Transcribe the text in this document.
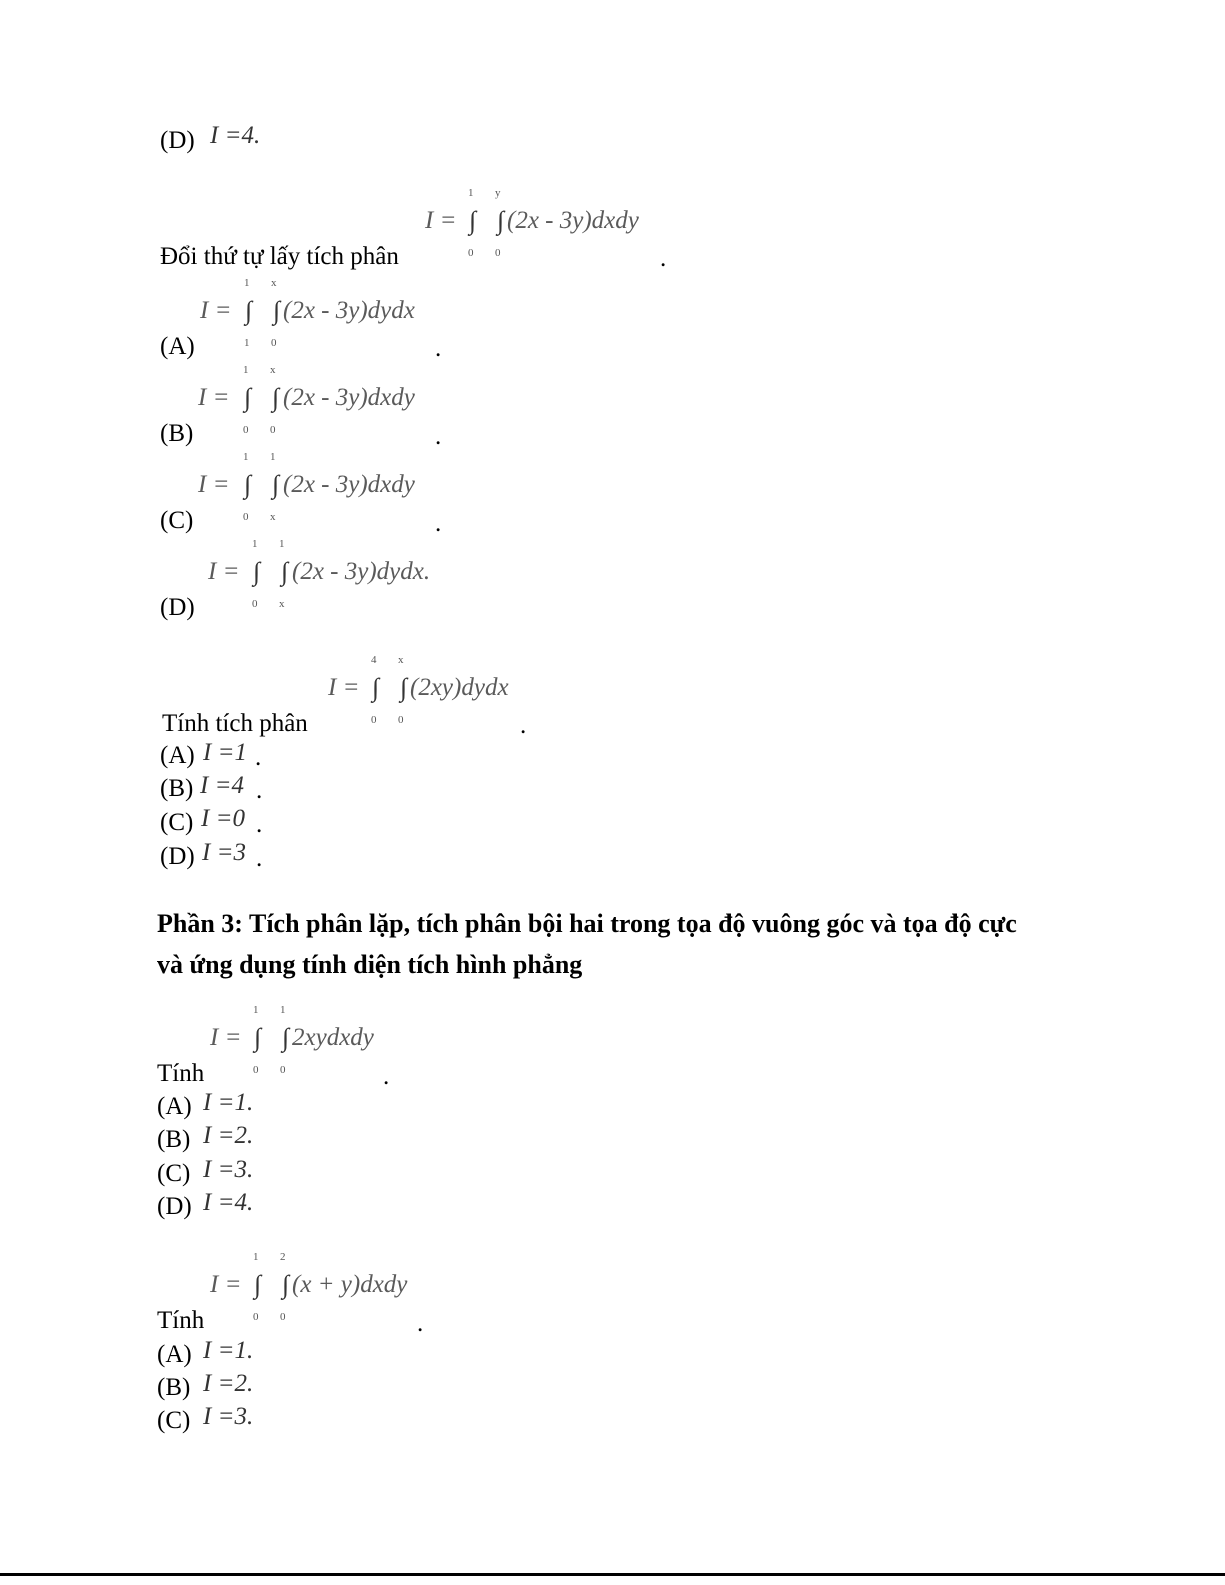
(D) I =4.
Đổi thứ tự lấy tích phân
I =
1
∫
0
y
∫
0
(2x - 3y)dxdy
.
(A)
I =
1
∫
1
x
∫
0
(2x - 3y)dydx
.
(B)
I =
1
∫
0
x
∫
0
(2x - 3y)dxdy
.
(C)
I =
1
∫
0
1
∫
x
(2x - 3y)dxdy
.
(D)
I =
1
∫
0
1
∫
x
(2x - 3y)dydx.
Tính tích phân
I =
4
∫
0
x
∫
0
(2xy)dydx
.
(A) I =1 .
(B) I =4 .
(C) I =0 .
(D) I =3 .
Phần 3: Tích phân lặp, tích phân bội hai trong tọa độ vuông góc và tọa độ cực
và ứng dụng tính diện tích hình phẳng
Tính
I =
1
∫
0
1
∫
0
2xydxdy
.
(A) I =1.
(B) I =2.
(C) I =3.
(D) I =4.
Tính
I =
1
∫
0
2
∫
0
(x + y)dxdy
.
(A) I =1.
(B) I =2.
(C) I =3.
